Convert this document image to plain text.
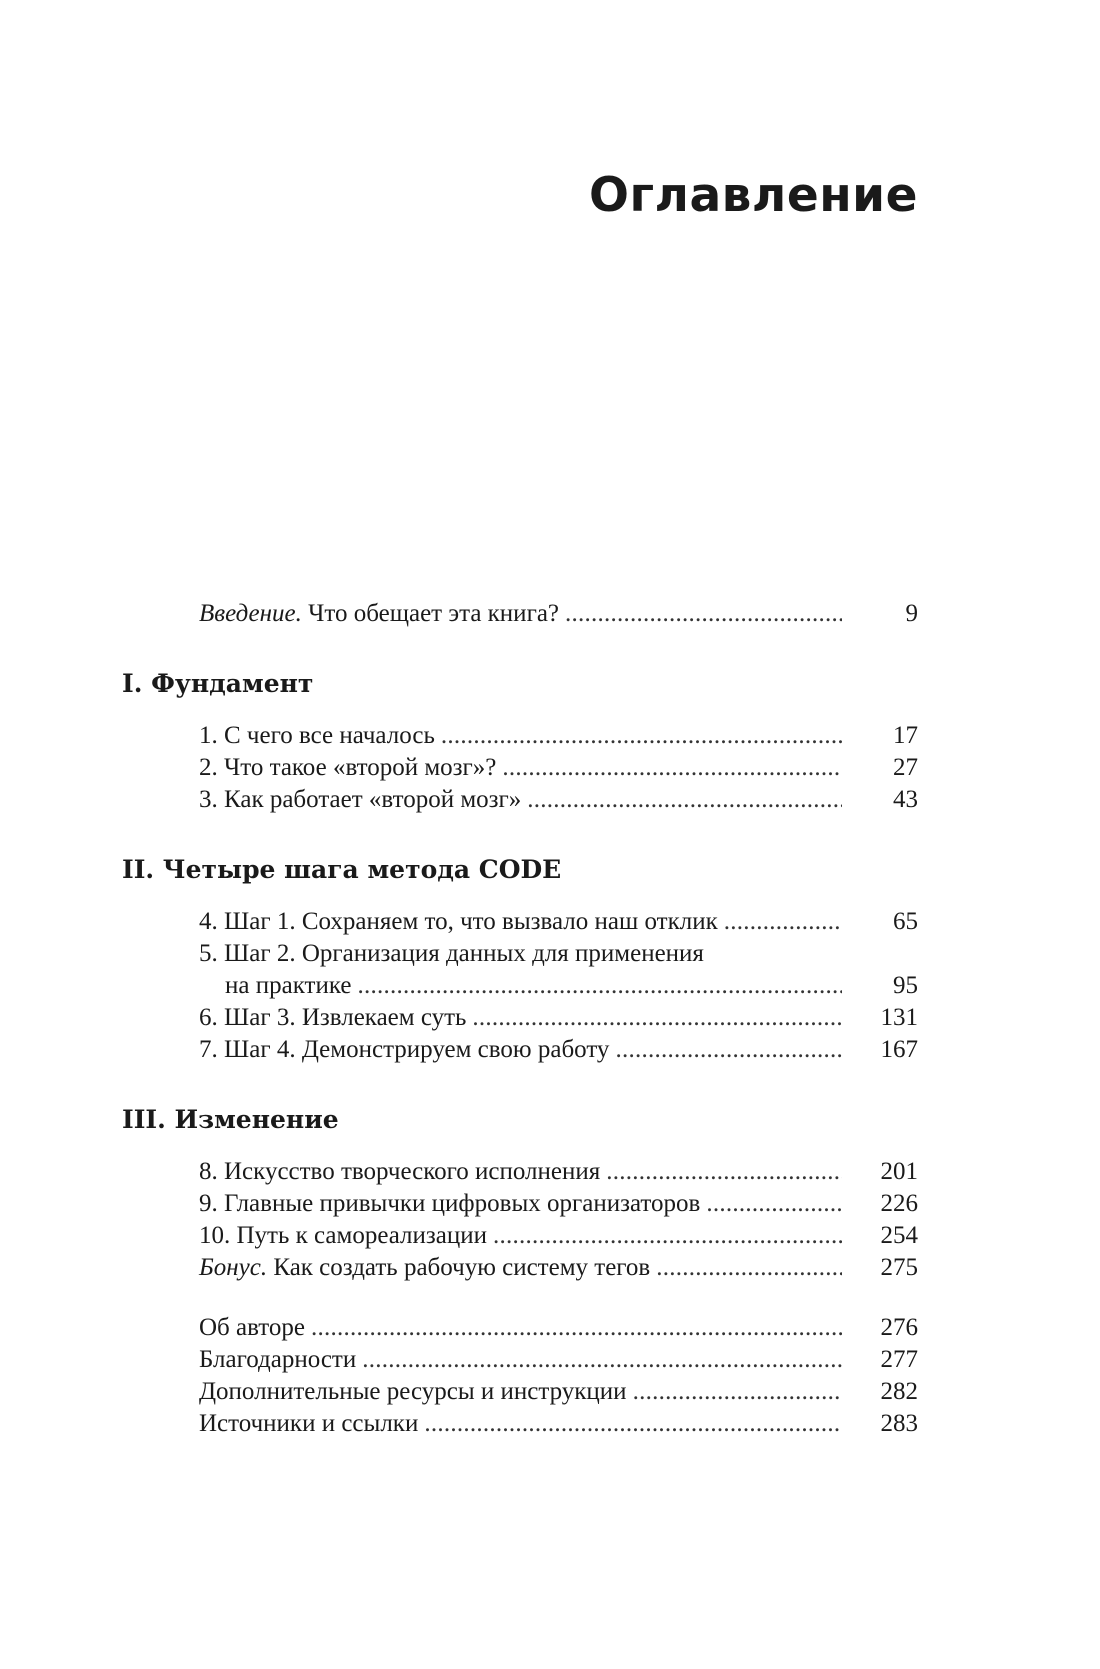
Оглавление
Введение. Что обещает эта книга? . . .	9
I. Фундамент
1. С чего все началось . . .	17
2. Что такое «второй мозг»? . . .	27
3. Как работает «второй мозг» . . .	43
II. Четыре шага метода CODE
4. Шаг 1. Сохраняем то, что вызвало наш отклик . . .	65
5. Шаг 2. Организация данных для применения
на практике . . .	95
6. Шаг 3. Извлекаем суть . . .	131
7. Шаг 4. Демонстрируем свою работу . . .	167
III. Изменение
8. Искусство творческого исполнения . . .	201
9. Главные привычки цифровых организаторов . . .	226
10. Путь к самореализации . . .	254
Бонус. Как создать рабочую систему тегов . . .	275
Об авторе . . .	276
Благодарности . . .	277
Дополнительные ресурсы и инструкции . . .	282
Источники и ссылки . . .	283
